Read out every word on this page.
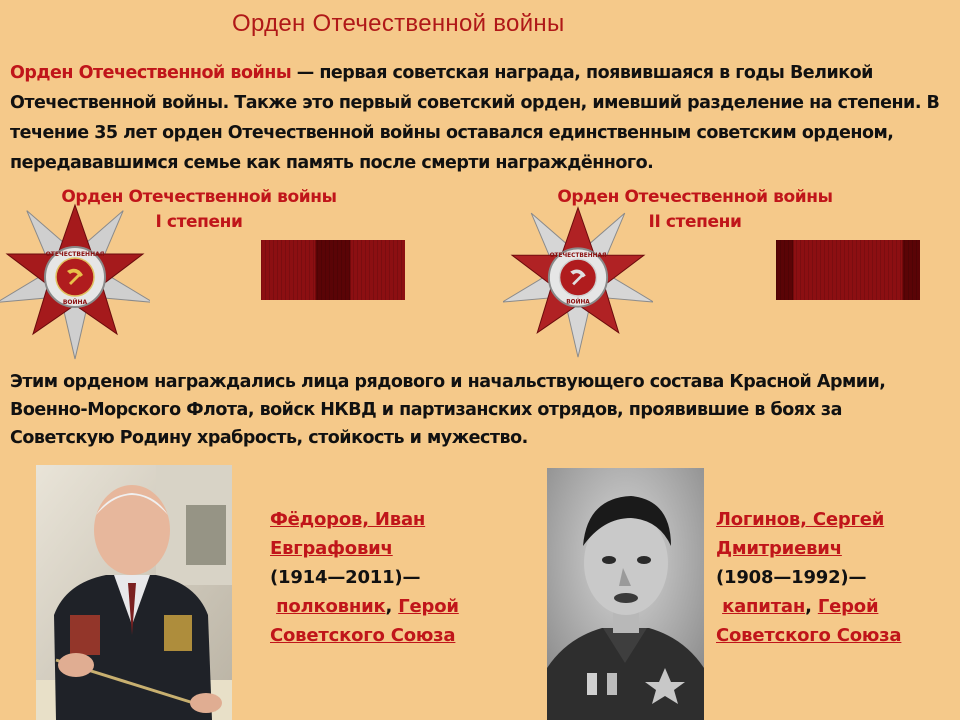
Орден Отечественной войны
Орден Отечественной войны — первая советская награда, появившаяся в годы Великой Отечественной войны. Также это первый советский орден, имевший разделение на степени. В течение 35 лет орден Отечественной войны оставался единственным советским орденом, передававшимся семье как память после смерти награждённого.
Орден Отечественной войны
I степени
ОТЕЧЕСТВЕННАЯ
ВОЙНА
Орден Отечественной войны
II степени
ОТЕЧЕСТВЕННАЯ
ВОЙНА
Этим орденом награждались лица рядового и начальствующего состава Красной Армии, Военно-Морского Флота, войск НКВД и партизанских отрядов, проявившие в боях за Советскую Родину храбрость, стойкость и мужество.
Фёдоров, Иван
Евграфович
(1914—2011)—
полковник, Герой
Советского Союза
Логинов, Сергей
Дмитриевич
(1908—1992)—
капитан, Герой
Советского Союза
